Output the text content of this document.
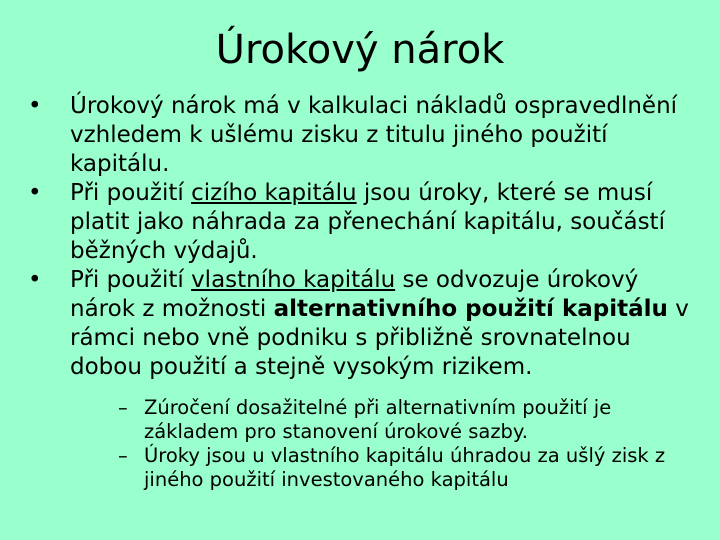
Úrokový nárok
•	Úrokový nárok má v kalkulaci nákladů ospravedlnění vzhledem k ušlému zisku z titulu jiného použití kapitálu.
•	Při použití cizího kapitálu jsou úroky, které se musí platit jako náhrada za přenechání kapitálu, součástí běžných výdajů.
•	Při použití vlastního kapitálu se odvozuje úrokový nárok z možnosti alternativního použití kapitálu v rámci nebo vně podniku s přibližně srovnatelnou dobou použití a stejně vysokým rizikem.
– Zúročení dosažitelné při alternativním použití je základem pro stanovení úrokové sazby.
– Úroky jsou u vlastního kapitálu úhradou za ušlý zisk z jiného použití investovaného kapitálu
